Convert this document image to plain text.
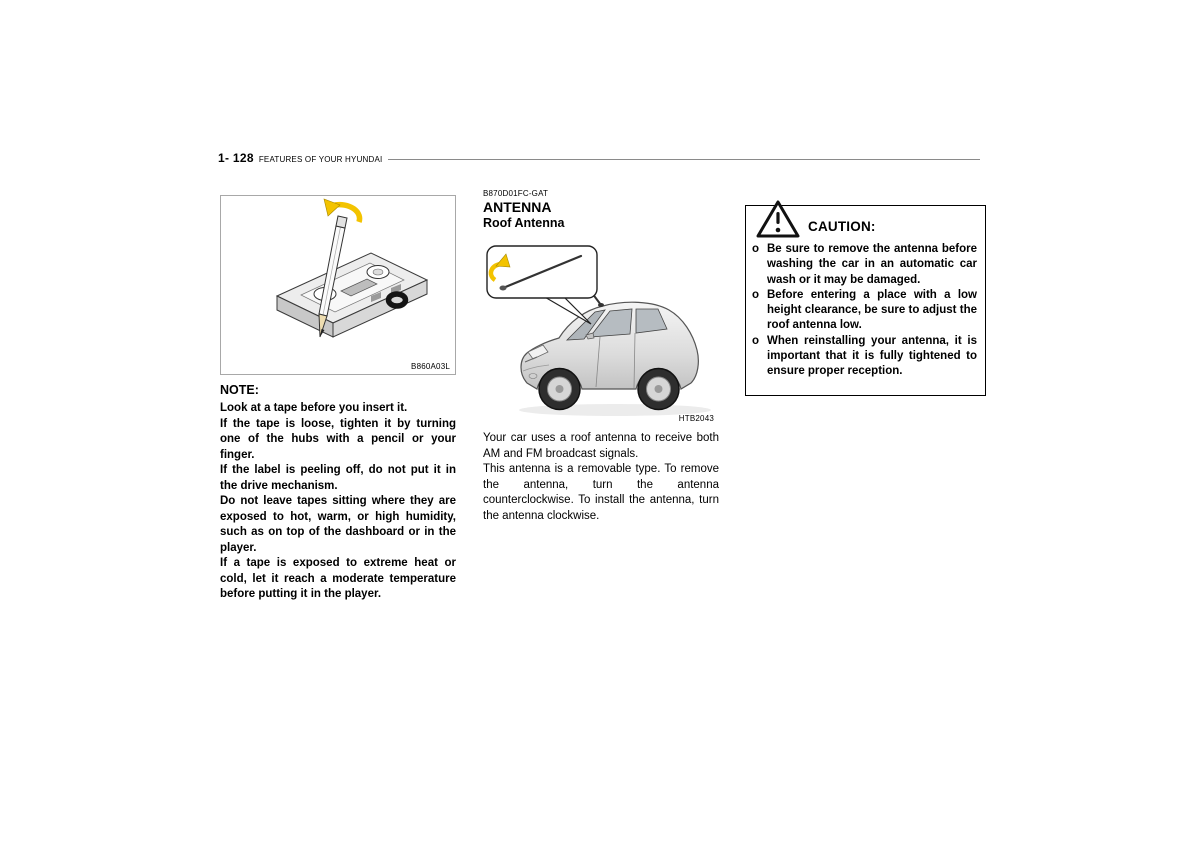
1- 128 FEATURES OF YOUR HYUNDAI
B860A03L
NOTE:

Look at a tape before you insert it.

If the tape is loose, tighten it by turning one of the hubs with a pencil or your finger.

If the label is peeling off, do not put it in the drive mechanism.

Do not leave tapes sitting where they are exposed to hot, warm, or high humidity, such as on top of the dashboard or in the player.

If a tape is exposed to extreme heat or cold, let it reach a moderate temperature before putting it in the player.

B870D01FC-GAT
ANTENNA
Roof Antenna
HTB2043

Your car uses a roof antenna to receive both AM and FM broadcast signals.

This antenna is a removable type. To remove the antenna, turn the antenna counterclockwise. To install the antenna, turn the antenna clockwise.

CAUTION:
o Be sure to remove the antenna before washing the car in an automatic car wash or it may be damaged.
o Before entering a place with a low height clearance, be sure to adjust the roof antenna low.
o When reinstalling your antenna, it is important that it is fully tightened to ensure proper reception.
